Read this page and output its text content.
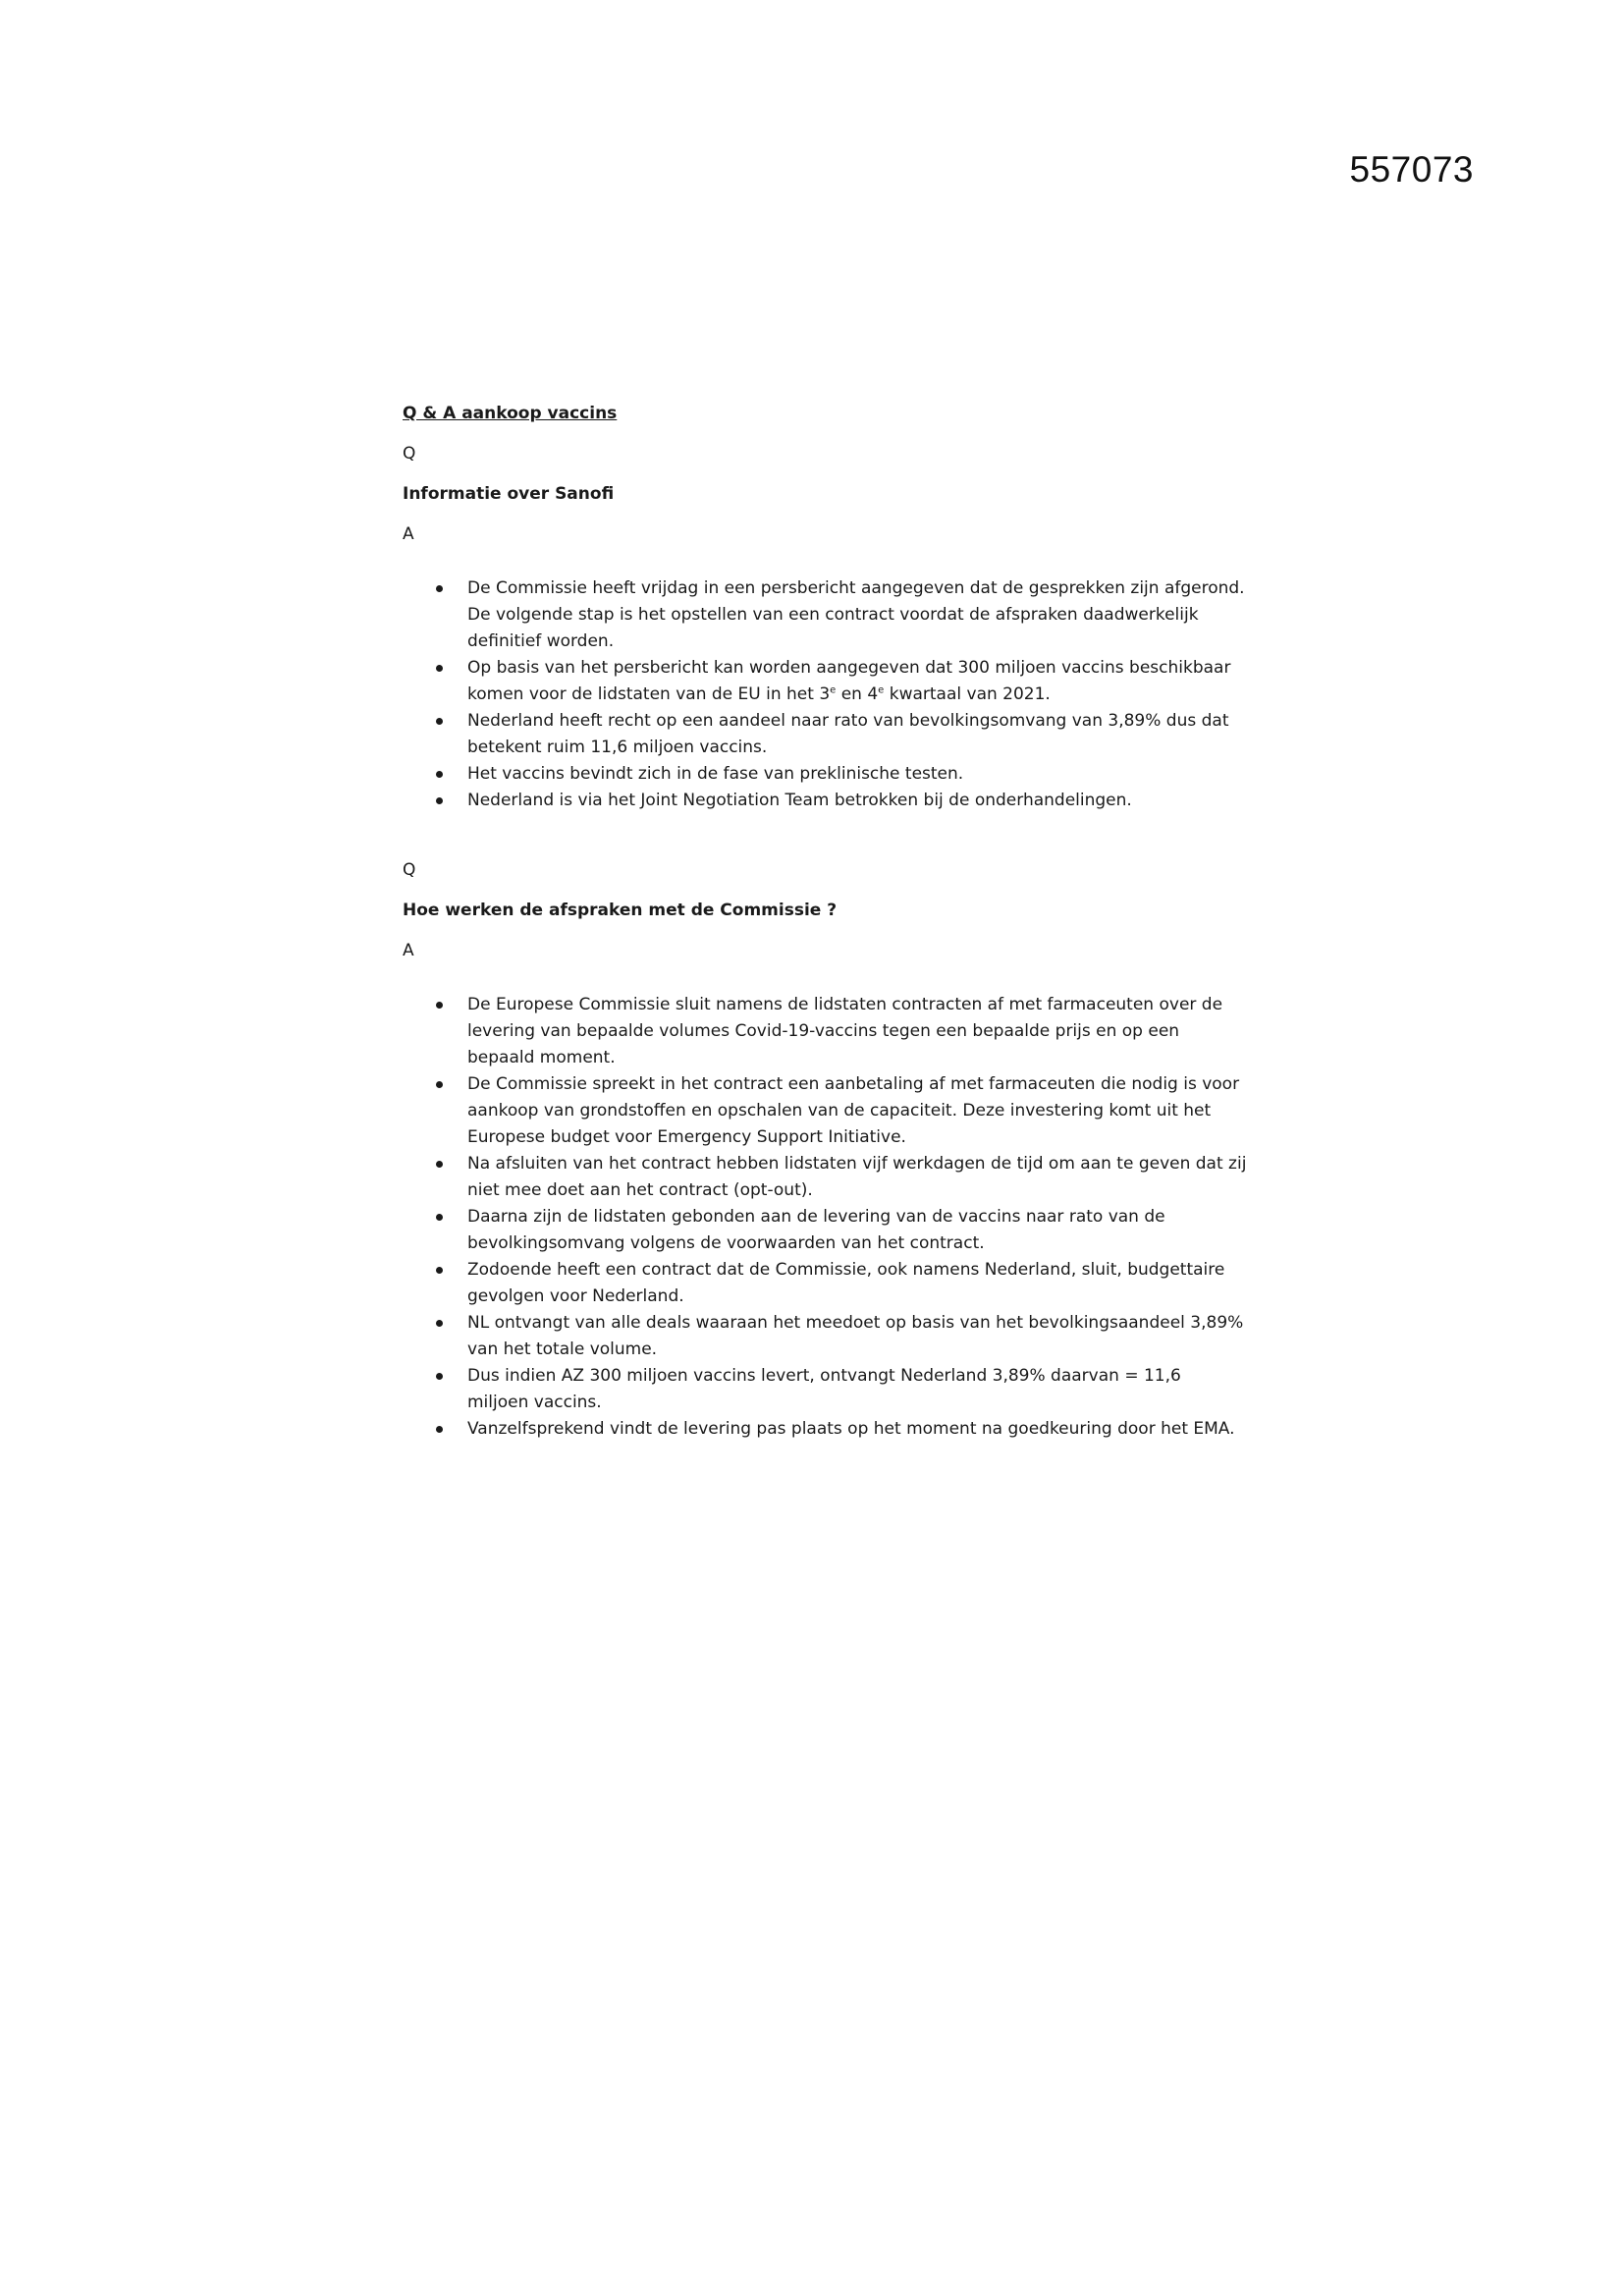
557073

Q & A aankoop vaccins

Q

Informatie over Sanofi

A

De Commissie heeft vrijdag in een persbericht aangegeven dat de gesprekken zijn afgerond. De volgende stap is het opstellen van een contract voordat de afspraken daadwerkelijk definitief worden.
Op basis van het persbericht kan worden aangegeven dat 300 miljoen vaccins beschikbaar komen voor de lidstaten van de EU in het 3e en 4e kwartaal van 2021.
Nederland heeft recht op een aandeel naar rato van bevolkingsomvang van 3,89% dus dat betekent ruim 11,6 miljoen vaccins.
Het vaccins bevindt zich in de fase van preklinische testen.
Nederland is via het Joint Negotiation Team betrokken bij de onderhandelingen.

Q

Hoe werken de afspraken met de Commissie ?

A

De Europese Commissie sluit namens de lidstaten contracten af met farmaceuten over de levering van bepaalde volumes Covid-19-vaccins tegen een bepaalde prijs en op een bepaald moment.
De Commissie spreekt in het contract een aanbetaling af met farmaceuten die nodig is voor aankoop van grondstoffen en opschalen van de capaciteit. Deze investering komt uit het Europese budget voor Emergency Support Initiative.
Na afsluiten van het contract hebben lidstaten vijf werkdagen de tijd om aan te geven dat zij niet mee doet aan het contract (opt-out).
Daarna zijn de lidstaten gebonden aan de levering van de vaccins naar rato van de bevolkingsomvang volgens de voorwaarden van het contract.
Zodoende heeft een contract dat de Commissie, ook namens Nederland, sluit, budgettaire gevolgen voor Nederland.
NL ontvangt van alle deals waaraan het meedoet op basis van het bevolkingsaandeel 3,89% van het totale volume.
Dus indien AZ 300 miljoen vaccins levert, ontvangt Nederland 3,89% daarvan = 11,6 miljoen vaccins.
Vanzelfsprekend vindt de levering pas plaats op het moment na goedkeuring door het EMA.
